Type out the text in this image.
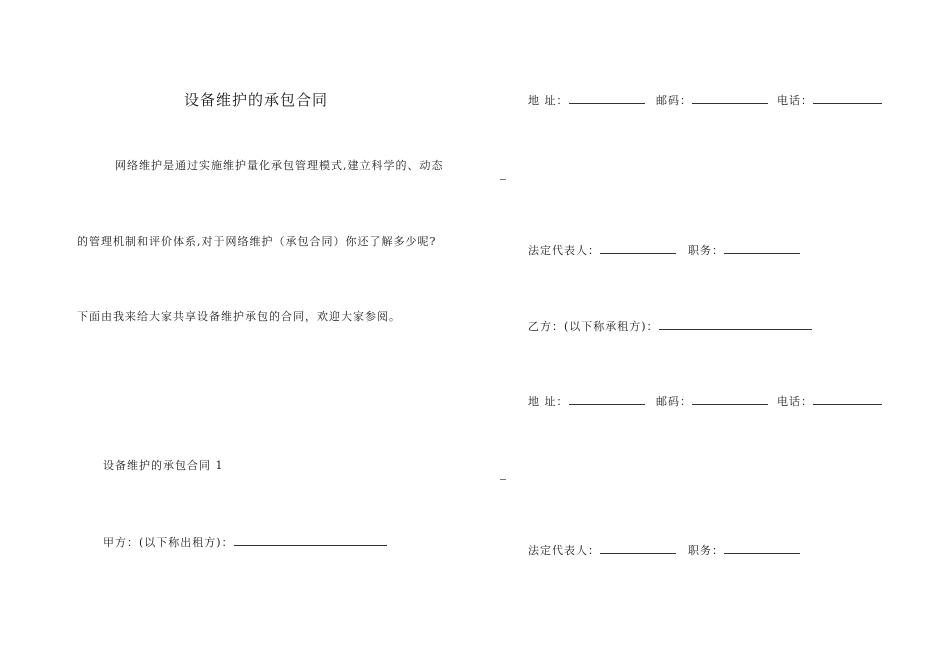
设备维护的承包合同
网络维护是通过实施维护量化承包管理模式,建立科学的、动态
的管理机制和评价体系,对于网络维护（承包合同）你还了解多少呢?
下面由我来给大家共享设备维护承包的合同，欢迎大家参阅。
设备维护的承包合同 1
甲方：(以下称出租方)：
地 址：	邮码：	电话：
法定代表人：	职务：
乙方：(以下称承租方)：
地 址：	邮码：	电话：
法定代表人：	职务：
